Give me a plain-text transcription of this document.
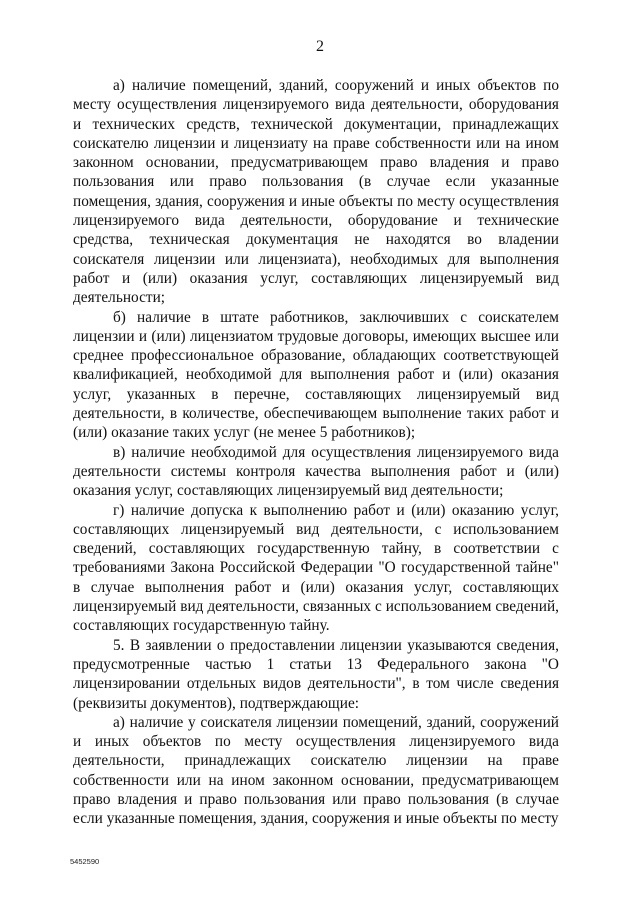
2

а) наличие помещений, зданий, сооружений и иных объектов по месту осуществления лицензируемого вида деятельности, оборудования и технических средств, технической документации, принадлежащих соискателю лицензии и лицензиату на праве собственности или на ином законном основании, предусматривающем право владения и право пользования или право пользования (в случае если указанные помещения, здания, сооружения и иные объекты по месту осуществления лицензируемого вида деятельности, оборудование и технические средства, техническая документация не находятся во владении соискателя лицензии или лицензиата), необходимых для выполнения работ и (или) оказания услуг, составляющих лицензируемый вид деятельности;

б) наличие в штате работников, заключивших с соискателем лицензии и (или) лицензиатом трудовые договоры, имеющих высшее или среднее профессиональное образование, обладающих соответствующей квалификацией, необходимой для выполнения работ и (или) оказания услуг, указанных в перечне, составляющих лицензируемый вид деятельности, в количестве, обеспечивающем выполнение таких работ и (или) оказание таких услуг (не менее 5 работников);

в) наличие необходимой для осуществления лицензируемого вида деятельности системы контроля качества выполнения работ и (или) оказания услуг, составляющих лицензируемый вид деятельности;

г) наличие допуска к выполнению работ и (или) оказанию услуг, составляющих лицензируемый вид деятельности, с использованием сведений, составляющих государственную тайну, в соответствии с требованиями Закона Российской Федерации "О государственной тайне" в случае выполнения работ и (или) оказания услуг, составляющих лицензируемый вид деятельности, связанных с использованием сведений, составляющих государственную тайну.

5. В заявлении о предоставлении лицензии указываются сведения, предусмотренные частью 1 статьи 13 Федерального закона "О лицензировании отдельных видов деятельности", в том числе сведения (реквизиты документов), подтверждающие:

а) наличие у соискателя лицензии помещений, зданий, сооружений и иных объектов по месту осуществления лицензируемого вида деятельности, принадлежащих соискателю лицензии на праве собственности или на ином законном основании, предусматривающем право владения и право пользования или право пользования (в случае если указанные помещения, здания, сооружения и иные объекты по месту

5452590
